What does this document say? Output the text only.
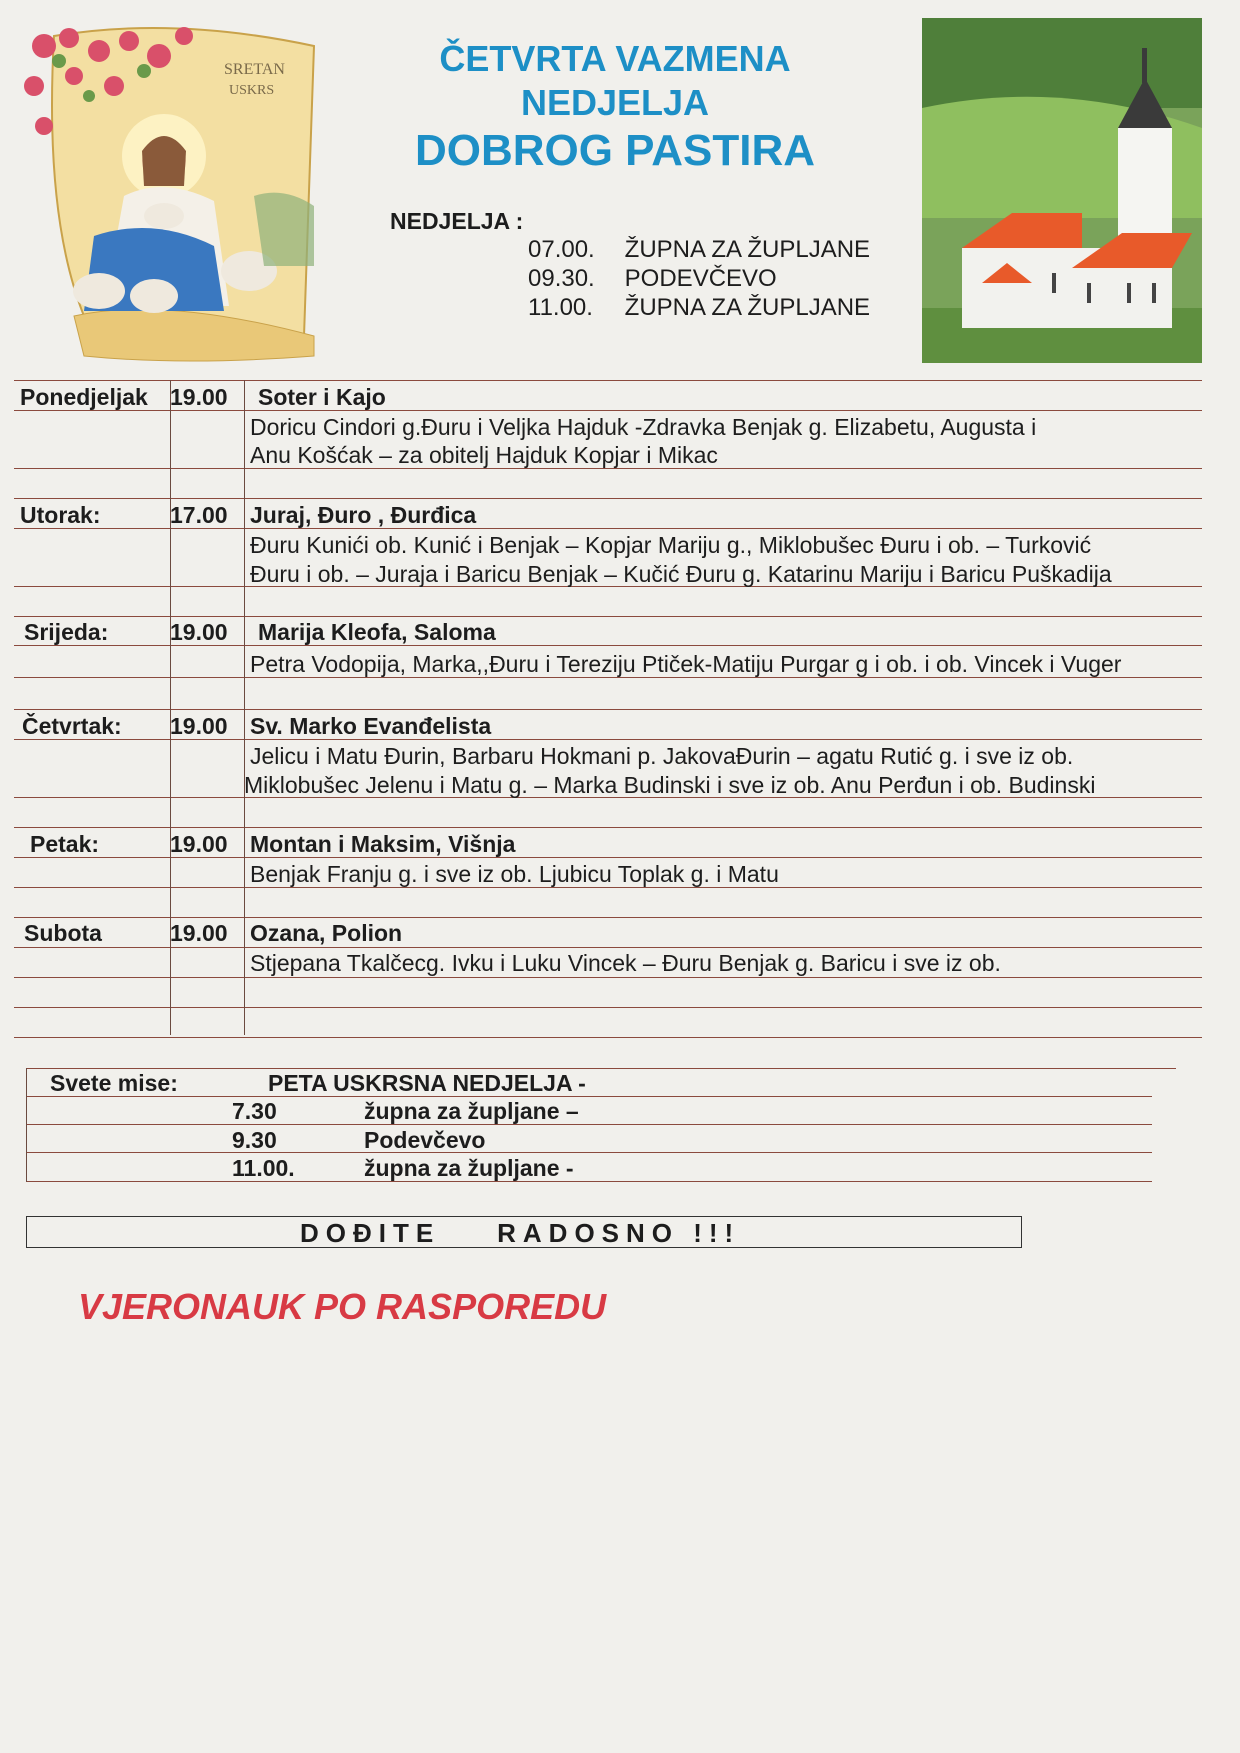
SRETAN
USKRS
ČETVRTA VAZMENA
NEDJELJA
DOBROG PASTIRA
NEDJELJA :
07.00. ŽUPNA ZA ŽUPLJANE
09.30. PODEVČEVO
11.00. ŽUPNA ZA ŽUPLJANE
Ponedjeljak 19.00 Soter i Kajo
Doricu Cindori g.Đuru i Veljka Hajduk -Zdravka Benjak g. Elizabetu, Augusta i
Anu Košćak – za obitelj Hajduk Kopjar i Mikac
Utorak:	17.00 Juraj, Đuro , Đurđica
Đuru Kunići ob. Kunić i Benjak – Kopjar Mariju g., Miklobušec Đuru i ob. – Turković
Đuru i ob. – Juraja i Baricu Benjak – Kučić Đuru g. Katarinu Mariju i Baricu Puškadija
Srijeda:	19.00 Marija Kleofa, Saloma
Petra Vodopija, Marka,,Đuru i Tereziju Ptiček-Matiju Purgar g i ob. i ob. Vincek i Vuger
Četvrtak: 19.00 Sv. Marko Evanđelista
Jelicu i Matu Đurin, Barbaru Hokmani p. JakovaĐurin – agatu Rutić g. i sve iz ob.
Miklobušec Jelenu i Matu g. – Marka Budinski i sve iz ob. Anu Perđun i ob. Budinski
Petak:	19.00 Montan i Maksim, Višnja
Benjak Franju g. i sve iz ob. Ljubicu Toplak g. i Matu
Subota	19.00 Ozana, Polion
Stjepana Tkalčecg. Ivku i Luku Vincek – Đuru Benjak g. Baricu i sve iz ob.
Svete mise:	PETA USKRSNA NEDJELJA -
7.30	župna za župljane –
9.30	Podevčevo
11.00.	župna za župljane -
DOĐITE    RADOSNO !!!
VJERONAUK PO RASPOREDU
